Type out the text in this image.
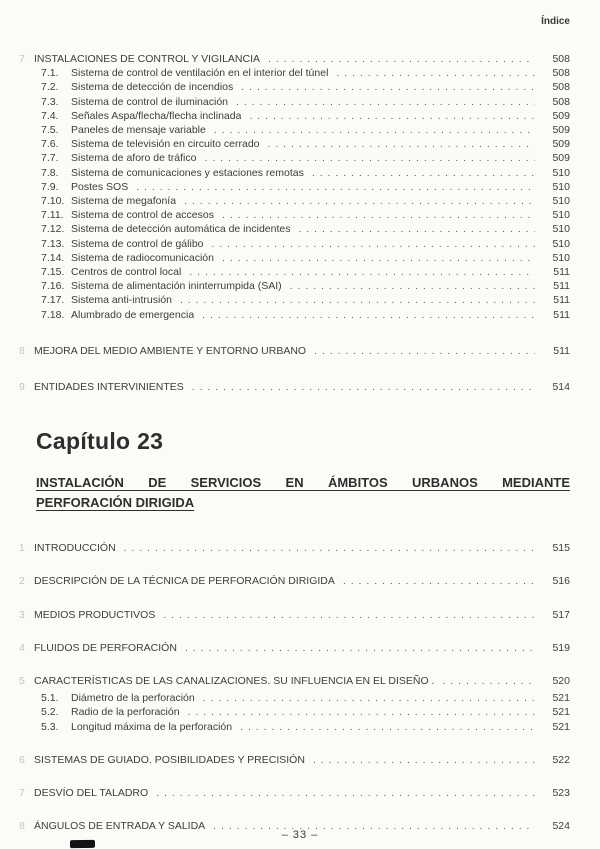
Índice
7 INSTALACIONES DE CONTROL Y VIGILANCIA . . .	508
7.1.	Sistema de control de ventilación en el interior del túnel . . .	508
7.2.	Sistema de detección de incendios . . .	508
7.3.	Sistema de control de iluminación . . .	508
7.4.	Señales Aspa/flecha/flecha inclinada . . .	509
7.5.	Paneles de mensaje variable . . .	509
7.6.	Sistema de televisión en circuito cerrado . . .	509
7.7.	Sistema de aforo de tráfico . . .	509
7.8.	Sistema de comunicaciones y estaciones remotas . . .	510
7.9.	Postes SOS . . .	510
7.10. Sistema de megafonía . . .	510
7.11. Sistema de control de accesos . . .	510
7.12. Sistema de detección automática de incidentes . . .	510
7.13. Sistema de control de gálibo . . .	510
7.14. Sistema de radiocomunicación . . .	510
7.15. Centros de control local . . .	511
7.16. Sistema de alimentación ininterrumpida (SAI) . . .	511
7.17. Sistema anti-intrusión . . .	511
7.18. Alumbrado de emergencia . . .	511
8 MEJORA DEL MEDIO AMBIENTE Y ENTORNO URBANO . . .	511
9 ENTIDADES INTERVINIENTES . . .	514
Capítulo 23
INSTALACIÓN DE SERVICIOS EN ÁMBITOS URBANOS MEDIANTE
PERFORACIÓN DIRIGIDA
1 INTRODUCCIÓN . . .	515
2 DESCRIPCIÓN DE LA TÉCNICA DE PERFORACIÓN DIRIGIDA . . .	516
3 MEDIOS PRODUCTIVOS . . .	517
4 FLUIDOS DE PERFORACIÓN . . .	519
5 CARACTERÍSTICAS DE LAS CANALIZACIONES. SU INFLUENCIA EN EL DISEÑO . . . .	520
5.1.	Diámetro de la perforación . . .	521
5.2.	Radio de la perforación . . .	521
5.3.	Longitud máxima de la perforación . . .	521
6 SISTEMAS DE GUIADO. POSIBILIDADES Y PRECISIÓN . . .	522
7 DESVÍO DEL TALADRO . . .	523
8 ÁNGULOS DE ENTRADA Y SALIDA . . .	524
– 33 –
